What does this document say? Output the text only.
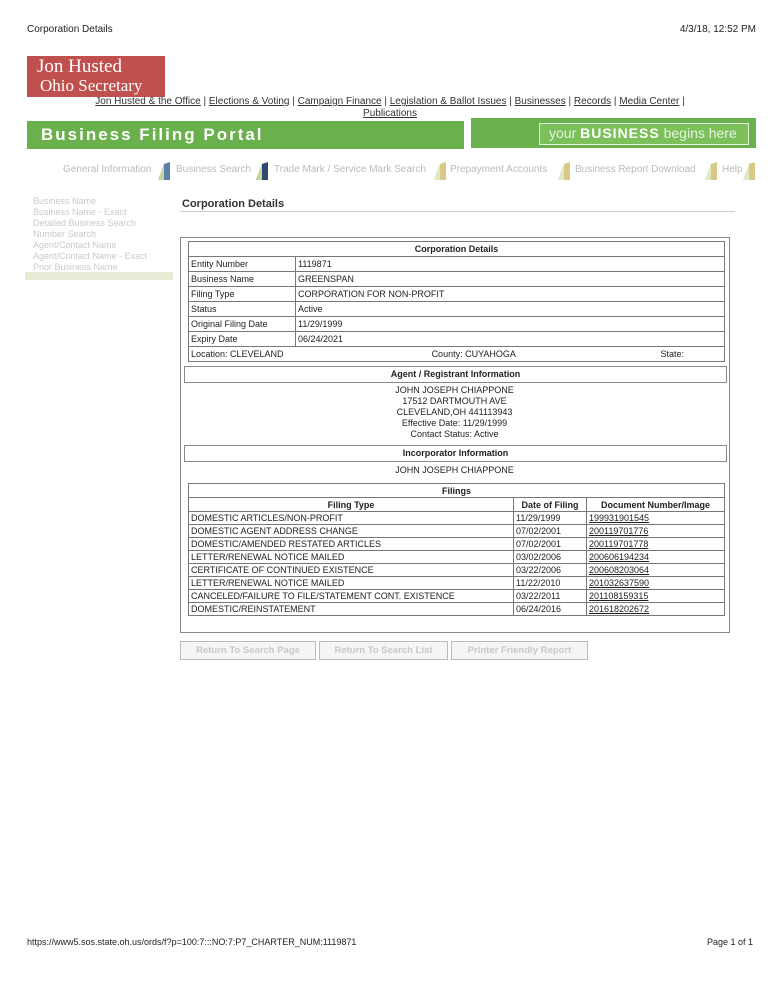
Corporation Details	4/3/18, 12:52 PM
Jon Husted
Ohio Secretary
Jon Husted & the Office | Elections & Voting | Campaign Finance | Legislation & Ballot Issues | Businesses | Records | Media Center |
Publications
Business Filing Portal	your BUSINESS begins here
General Information Business Search Trade Mark / Service Mark Search Prepayment Accounts	Business Report Download	Help
Business Name
Business Name - Exact
Detailed Business Search
Number Search
Agent/Contact Name
Agent/Contact Name - Exact
Prior Business Name
Corporation Details
Corporation Details	
Entity Number	1119871
Business Name	GREENSPAN
Filing Type	CORPORATION FOR NON-PROFIT
Status	Active
Original Filing Date	11/29/1999
Expiry Date	06/24/2021

Location: CLEVELAND State:
County: CUYAHOGA	
Agent / Registrant Information
JOHN JOSEPH CHIAPPONE
17512 DARTMOUTH AVE
CLEVELAND,OH 441113943
Effective Date: 11/29/1999
Contact Status: Active
Incorporator Information
JOHN JOSEPH CHIAPPONE
Filings		
Filing Type	Date of Filing	Document Number/Image
DOMESTIC ARTICLES/NON-PROFIT	11/29/1999	199931901545
DOMESTIC AGENT ADDRESS CHANGE	07/02/2001	200119701776
DOMESTIC/AMENDED RESTATED ARTICLES	07/02/2001	200119701778
LETTER/RENEWAL NOTICE MAILED	03/02/2006	200606194234
CERTIFICATE OF CONTINUED EXISTENCE	03/22/2006	200608203064
LETTER/RENEWAL NOTICE MAILED	11/22/2010	201032637590
CANCELED/FAILURE TO FILE/STATEMENT CONT. EXISTENCE	03/22/2011	201108159315
DOMESTIC/REINSTATEMENT	06/24/2016	201618202672
Return To Search Page	Return To Search List	Printer Friendly Report
https://www5.sos.state.oh.us/ords/f?p=100:7:::NO:7:P7_CHARTER_NUM:1119871	Page 1 of 1
